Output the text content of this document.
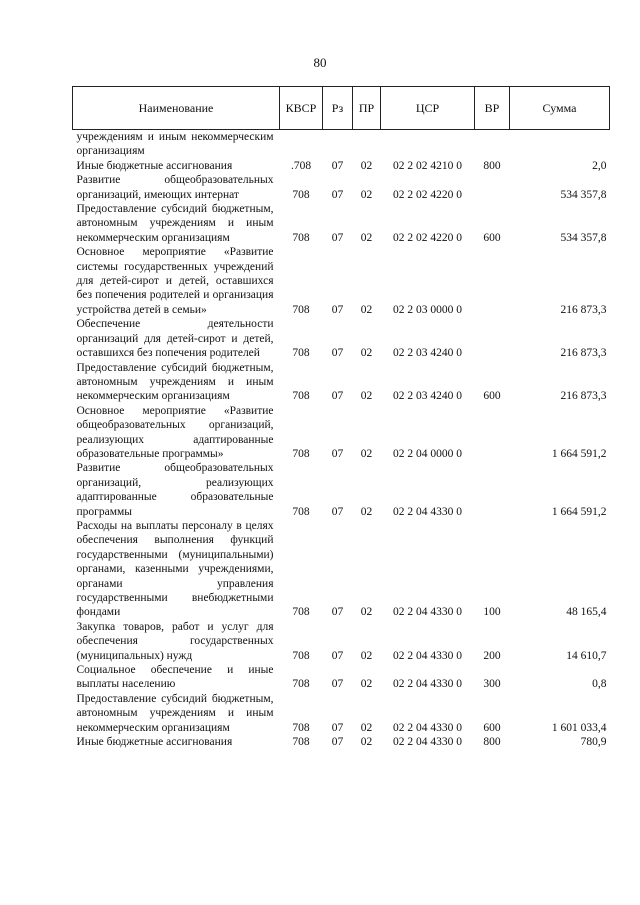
80
Наименование	КВСР	Рз	ПР	ЦСР	ВР	Сумма
учреждениям и иным некоммерческим организациям						
Иные бюджетные ассигнования	.708	07	02	02 2 02 4210 0	800	2,0
Развитие общеобразовательных организаций, имеющих интернат	708	07	02	02 2 02 4220 0		534 357,8
Предоставление субсидий бюджетным, автономным учреждениям и иным некоммерческим организациям	708	07	02	02 2 02 4220 0	600	534 357,8
Основное мероприятие «Развитие системы государственных учреждений для детей-сирот и детей, оставшихся без попечения родителей и организация устройства детей в семьи»	708	07	02	02 2 03 0000 0		216 873,3
Обеспечение деятельности организаций для детей-сирот и детей, оставшихся без попечения родителей	708	07	02	02 2 03 4240 0		216 873,3
Предоставление субсидий бюджетным, автономным учреждениям и иным некоммерческим организациям	708	07	02	02 2 03 4240 0	600	216 873,3
Основное мероприятие «Развитие общеобразовательных организаций, реализующих адаптированные образовательные программы»	708	07	02	02 2 04 0000 0		1 664 591,2
Развитие общеобразовательных организаций, реализующих адаптированные образовательные программы	708	07	02	02 2 04 4330 0		1 664 591,2
Расходы на выплаты персоналу в целях обеспечения выполнения функций государственными (муниципальными) органами, казенными учреждениями, органами управления государственными внебюджетными фондами	708	07	02	02 2 04 4330 0	100	48 165,4
Закупка товаров, работ и услуг для обеспечения государственных (муниципальных) нужд	708	07	02	02 2 04 4330 0	200	14 610,7
Социальное обеспечение и иные выплаты населению	708	07	02	02 2 04 4330 0	300	0,8
Предоставление субсидий бюджетным, автономным учреждениям и иным некоммерческим организациям	708	07	02	02 2 04 4330 0	600	1 601 033,4
Иные бюджетные ассигнования	708	07	02	02 2 04 4330 0	800	780,9
